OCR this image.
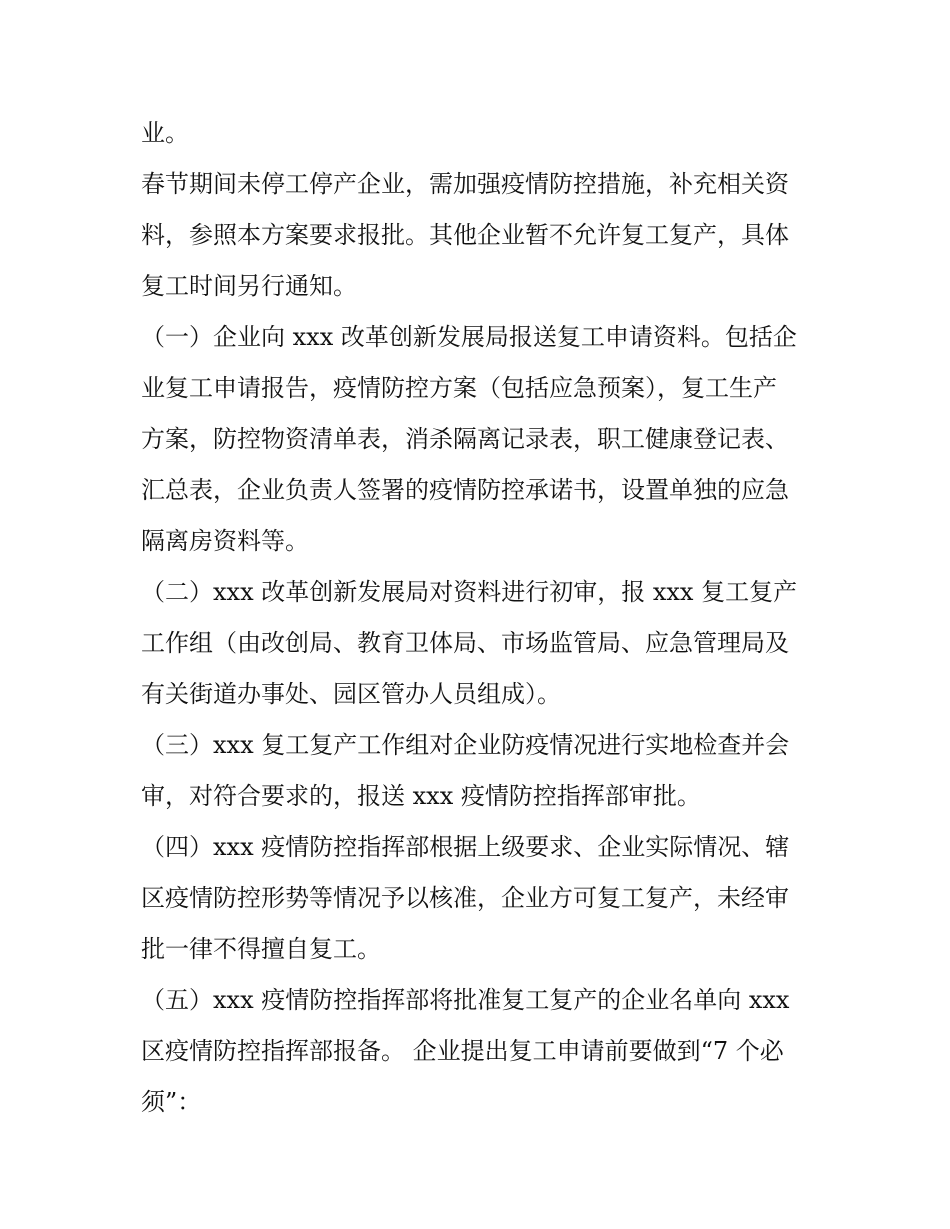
业。
春节期间未停工停产企业，需加强疫情防控措施，补充相关资
料，参照本方案要求报批。其他企业暂不允许复工复产，具体
复工时间另行通知。
（一）企业向 xxx 改革创新发展局报送复工申请资料。包括企
业复工申请报告，疫情防控方案（包括应急预案），复工生产
方案，防控物资清单表，消杀隔离记录表，职工健康登记表、
汇总表，企业负责人签署的疫情防控承诺书，设置单独的应急
隔离房资料等。
（二）xxx 改革创新发展局对资料进行初审，报 xxx 复工复产
工作组（由改创局、教育卫体局、市场监管局、应急管理局及
有关街道办事处、园区管办人员组成）。
（三）xxx 复工复产工作组对企业防疫情况进行实地检查并会
审，对符合要求的，报送 xxx 疫情防控指挥部审批。
（四）xxx 疫情防控指挥部根据上级要求、企业实际情况、辖
区疫情防控形势等情况予以核准，企业方可复工复产，未经审
批一律不得擅自复工。
（五）xxx 疫情防控指挥部将批准复工复产的企业名单向 xxx
区疫情防控指挥部报备。 企业提出复工申请前要做到“7 个必
须”：
